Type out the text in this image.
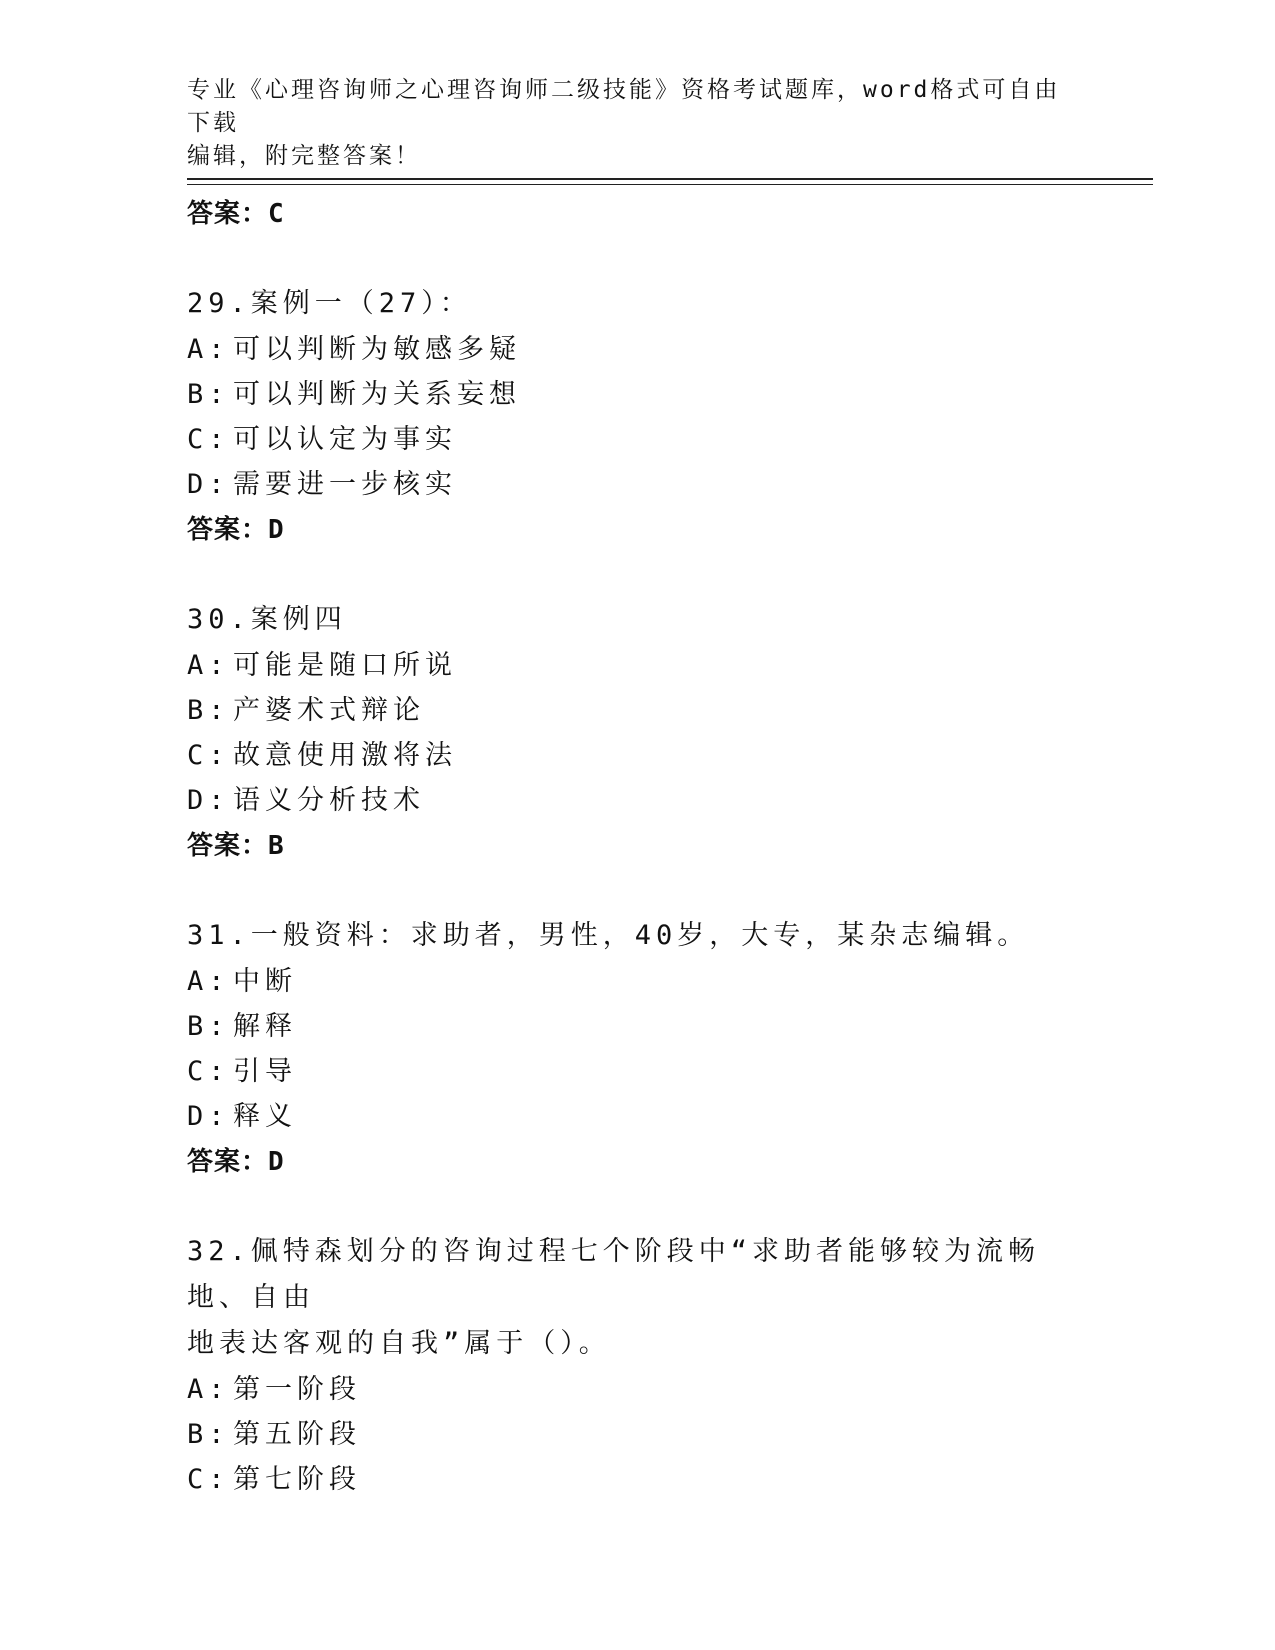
专业《心理咨询师之心理咨询师二级技能》资格考试题库，word格式可自由下载
编辑，附完整答案！
答案：C
29.案例一（27）：
A: 可以判断为敏感多疑
B: 可以判断为关系妄想
C: 可以认定为事实
D: 需要进一步核实
答案：D
30.案例四
A: 可能是随口所说
B: 产婆术式辩论
C: 故意使用激将法
D: 语义分析技术
答案：B
31.一般资料：求助者，男性，40岁，大专，某杂志编辑。
A: 中断
B: 解释
C: 引导
D: 释义
答案：D
32.佩特森划分的咨询过程七个阶段中“求助者能够较为流畅地、自由
地表达客观的自我”属于（）。
A: 第一阶段
B: 第五阶段
C: 第七阶段
